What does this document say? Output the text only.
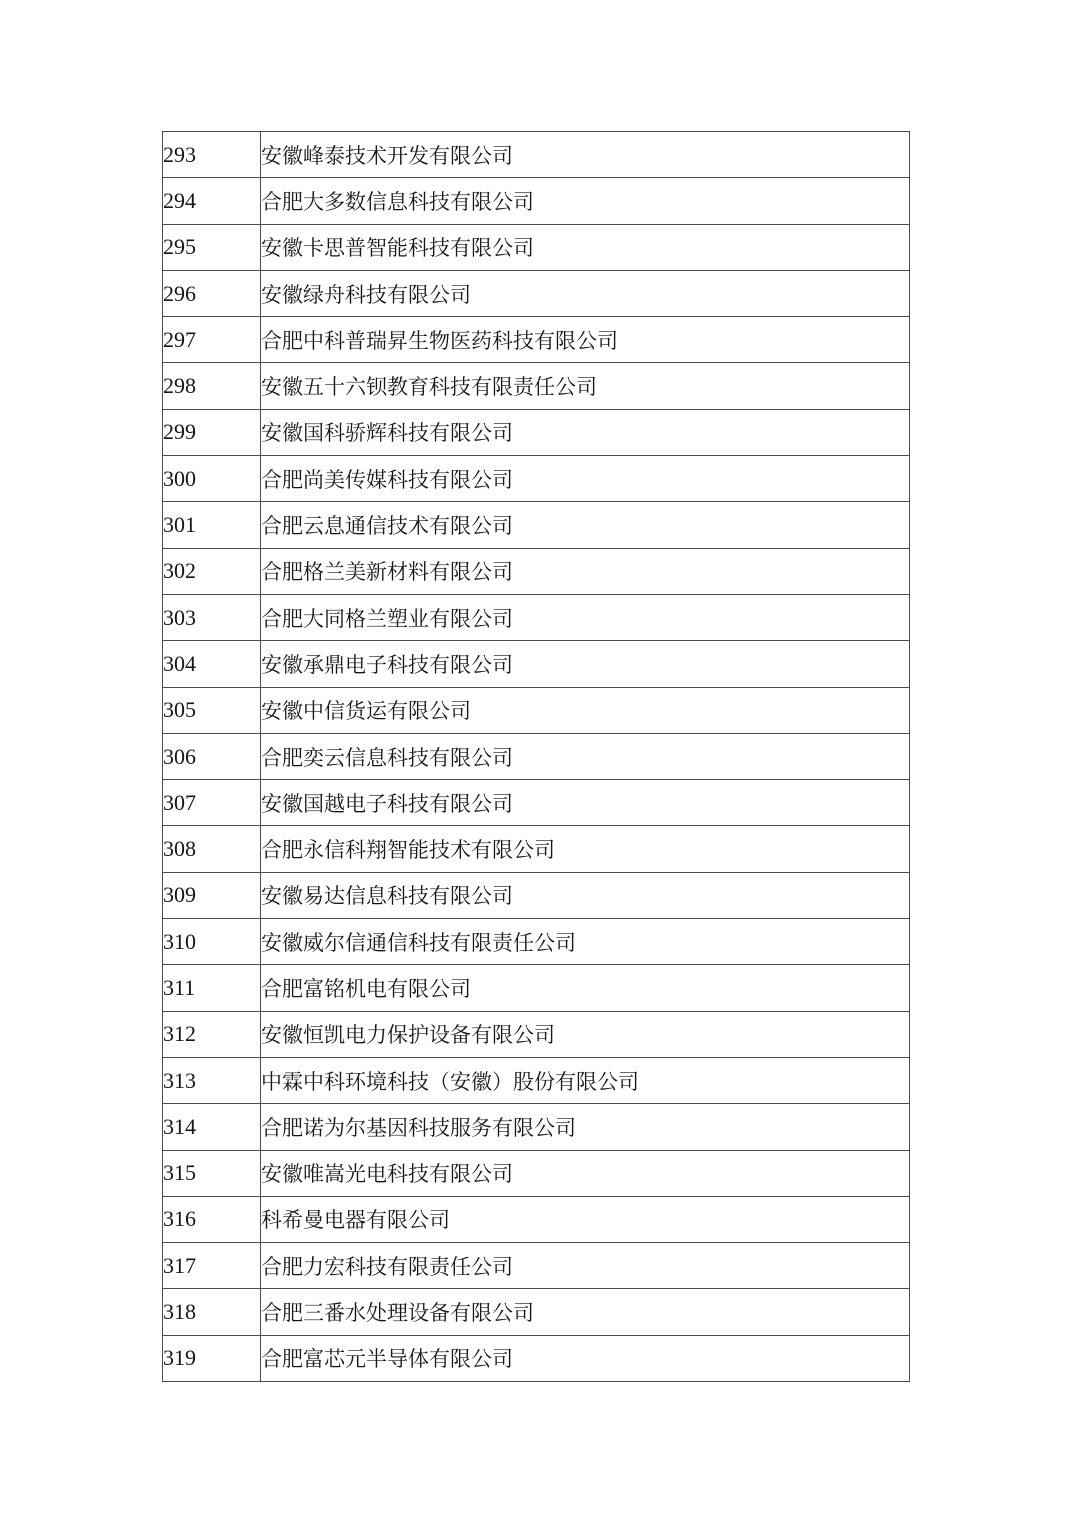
293	安徽峰泰技术开发有限公司
294	合肥大多数信息科技有限公司
295	安徽卡思普智能科技有限公司
296	安徽绿舟科技有限公司
297	合肥中科普瑞昇生物医药科技有限公司
298	安徽五十六钡教育科技有限责任公司
299	安徽国科骄辉科技有限公司
300	合肥尚美传媒科技有限公司
301	合肥云息通信技术有限公司
302	合肥格兰美新材料有限公司
303	合肥大同格兰塑业有限公司
304	安徽承鼎电子科技有限公司
305	安徽中信货运有限公司
306	合肥奕云信息科技有限公司
307	安徽国越电子科技有限公司
308	合肥永信科翔智能技术有限公司
309	安徽易达信息科技有限公司
310	安徽威尔信通信科技有限责任公司
311	合肥富铭机电有限公司
312	安徽恒凯电力保护设备有限公司
313	中霖中科环境科技（安徽）股份有限公司
314	合肥诺为尔基因科技服务有限公司
315	安徽唯嵩光电科技有限公司
316	科希曼电器有限公司
317	合肥力宏科技有限责任公司
318	合肥三番水处理设备有限公司
319	合肥富芯元半导体有限公司
